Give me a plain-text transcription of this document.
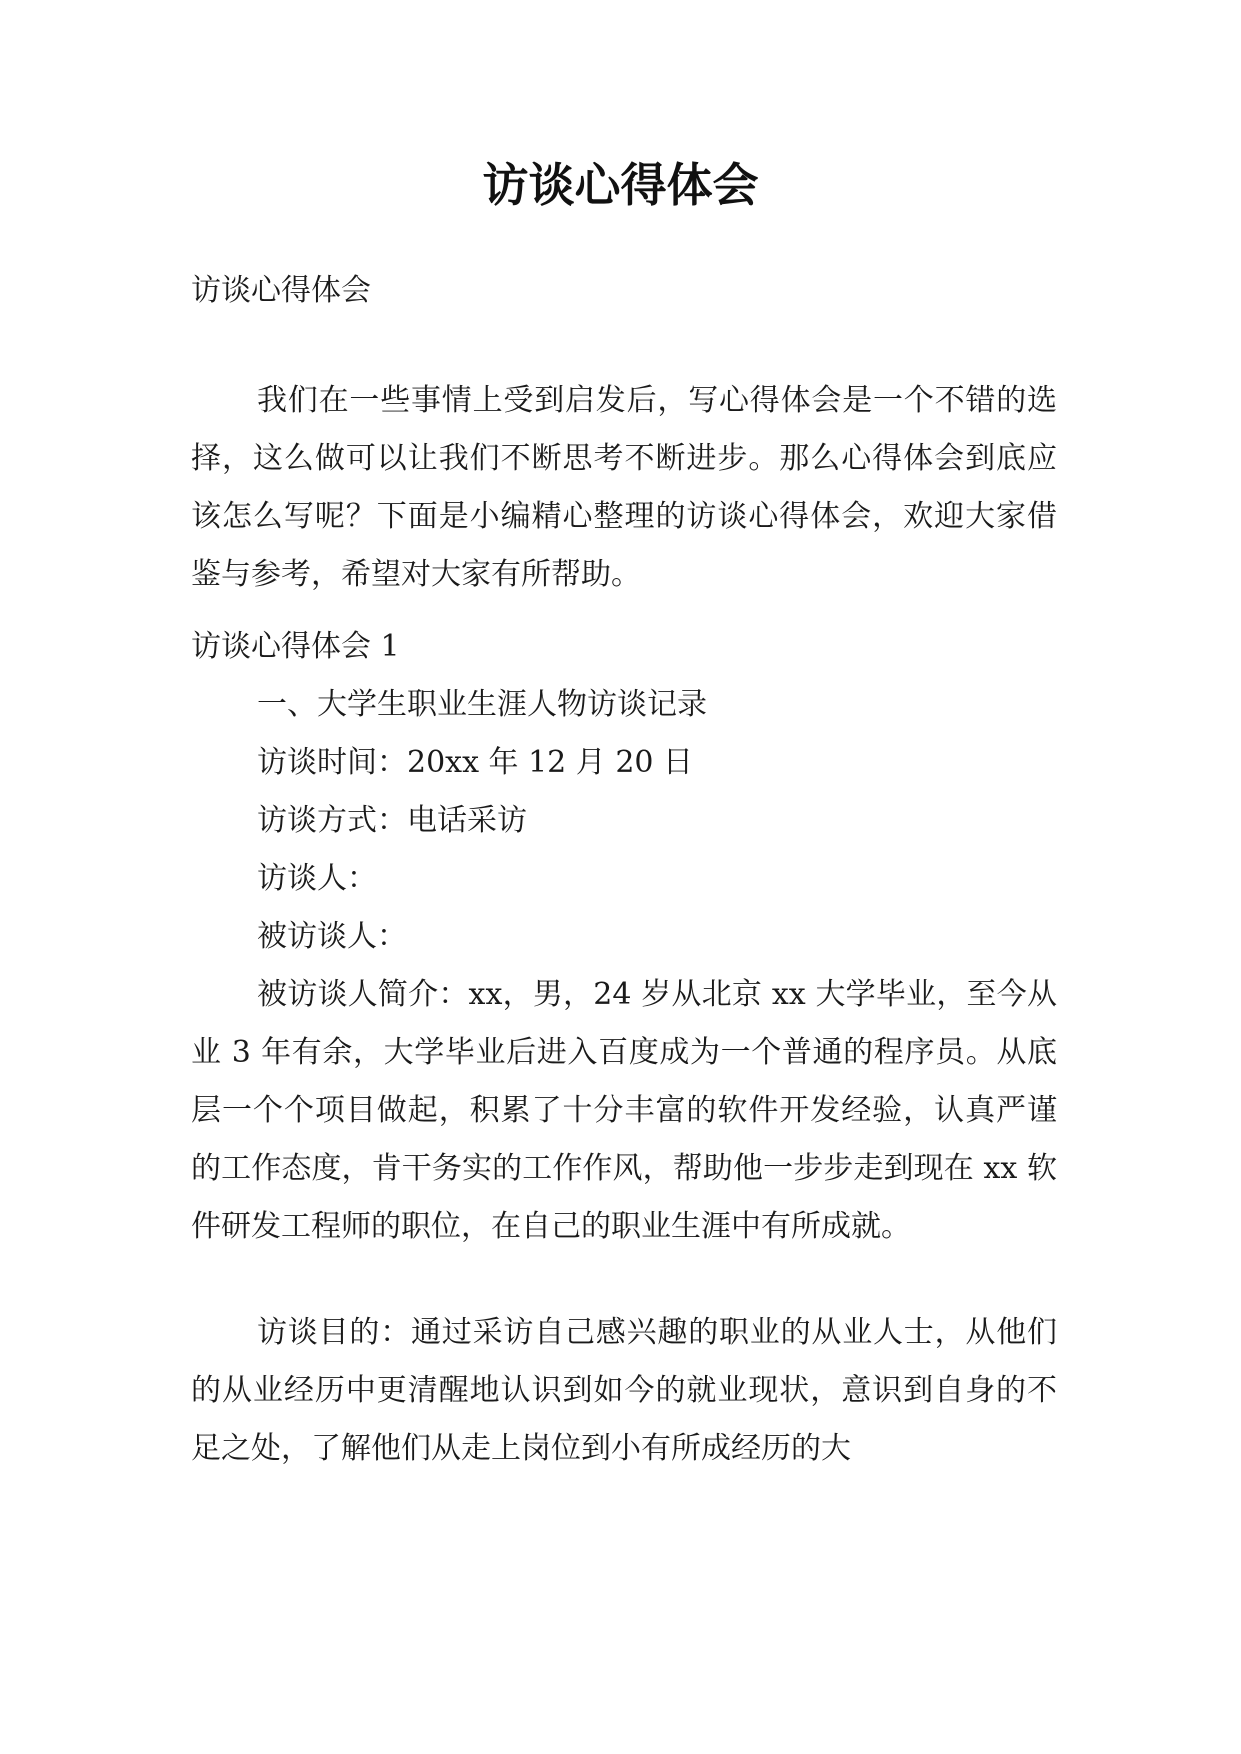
访谈心得体会

访谈心得体会

我们在一些事情上受到启发后，写心得体会是一个不错的选择，这么做可以让我们不断思考不断进步。那么心得体会到底应该怎么写呢？下面是小编精心整理的访谈心得体会，欢迎大家借鉴与参考，希望对大家有所帮助。

访谈心得体会 1

一、大学生职业生涯人物访谈记录

访谈时间：20xx 年 12 月 20 日

访谈方式：电话采访

访谈人：

被访谈人：

被访谈人简介：xx，男，24 岁从北京 xx 大学毕业，至今从业 3 年有余，大学毕业后进入百度成为一个普通的程序员。从底层一个个项目做起，积累了十分丰富的软件开发经验，认真严谨的工作态度，肯干务实的工作作风，帮助他一步步走到现在 xx 软件研发工程师的职位，在自己的职业生涯中有所成就。

访谈目的：通过采访自己感兴趣的职业的从业人士，从他们的从业经历中更清醒地认识到如今的就业现状，意识到自身的不足之处，了解他们从走上岗位到小有所成经历的大
